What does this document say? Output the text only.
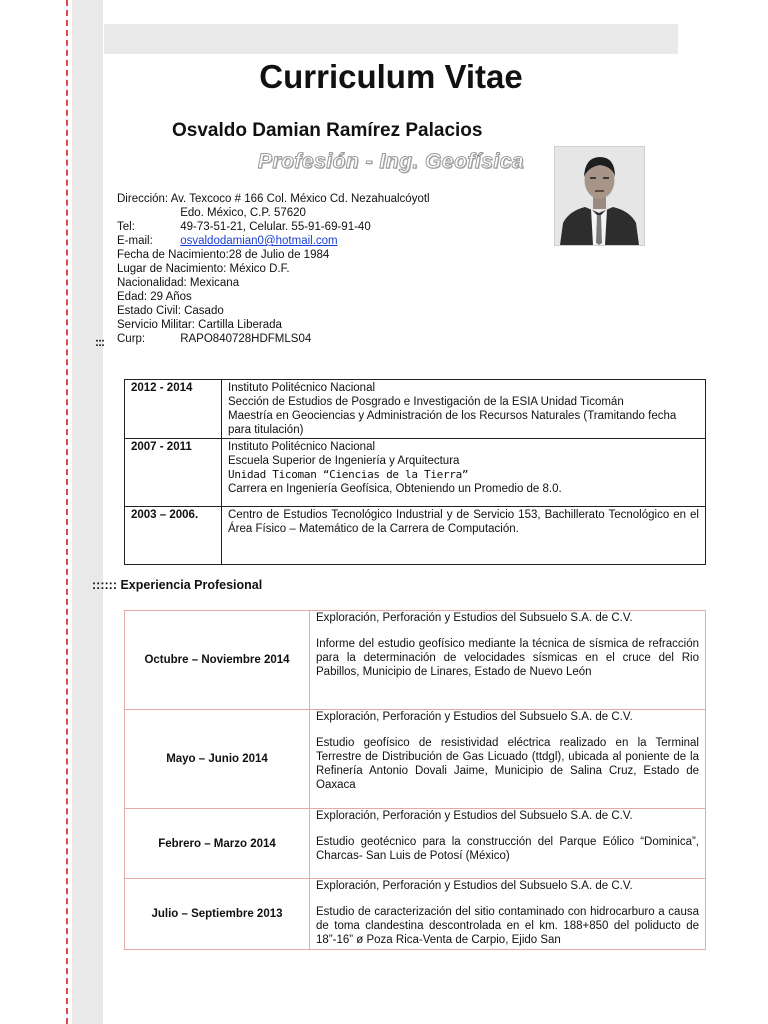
Curriculum Vitae
Osvaldo Damian Ramírez Palacios
Profesión - Ing. Geofísica
Dirección: Av. Texcoco # 166 Col. México Cd. Nezahualcóyotl
Edo. México, C.P. 57620
Tel:	49-73-51-21, Celular. 55-91-69-91-40
E-mail: osvaldodamian0@hotmail.com
Fecha de Nacimiento:28 de Julio de 1984
Lugar de Nacimiento: México D.F.
Nacionalidad: Mexicana
Edad: 29 Años
Estado Civil: Casado
Servicio Militar: Cartilla Liberada
Curp:	RAPO840728HDFMLS04
:::
2012 - 2014	Instituto Politécnico Nacional
Sección de Estudios de Posgrado e Investigación de la ESIA Unidad Ticomán
Maestría en Geociencias y Administración de los Recursos Naturales (Tramitando fecha para titulación)

2007 - 2011	Instituto Politécnico Nacional
Escuela Superior de Ingeniería y Arquitectura
Unidad Ticoman “Ciencias de la Tierra”
Carrera en Ingeniería Geofísica, Obteniendo un Promedio de 8.0.

2003 – 2006.	Centro de Estudios Tecnológico Industrial y de Servicio 153, Bachillerato Tecnológico en el Área Físico – Matemático de la Carrera de Computación.
:::::: Experiencia Profesional
Octubre – Noviembre 2014	Exploración, Perforación y Estudios del Subsuelo S.A. de C.V.

Informe del estudio geofísico mediante la técnica de sísmica de refracción para la determinación de velocidades sísmicas en el cruce del Rio Pabillos, Municipio de Linares, Estado de Nuevo León

Mayo – Junio 2014	Exploración, Perforación y Estudios del Subsuelo S.A. de C.V.

Estudio geofísico de resistividad eléctrica realizado en la Terminal Terrestre de Distribución de Gas Licuado (ttdgl), ubicada al poniente de la Refinería Antonio Dovali Jaime, Municipio de Salina Cruz, Estado de Oaxaca

Febrero – Marzo 2014	Exploración, Perforación y Estudios del Subsuelo S.A. de C.V.

Estudio geotécnico para la construcción del Parque Eólico “Dominica”, Charcas- San Luis de Potosí (México)

Julio – Septiembre 2013	Exploración, Perforación y Estudios del Subsuelo S.A. de C.V.

Estudio de caracterización del sitio contaminado con hidrocarburo a causa de toma clandestina descontrolada en el km. 188+850 del poliducto de 18”-16” ø Poza Rica-Venta de Carpio, Ejido San
